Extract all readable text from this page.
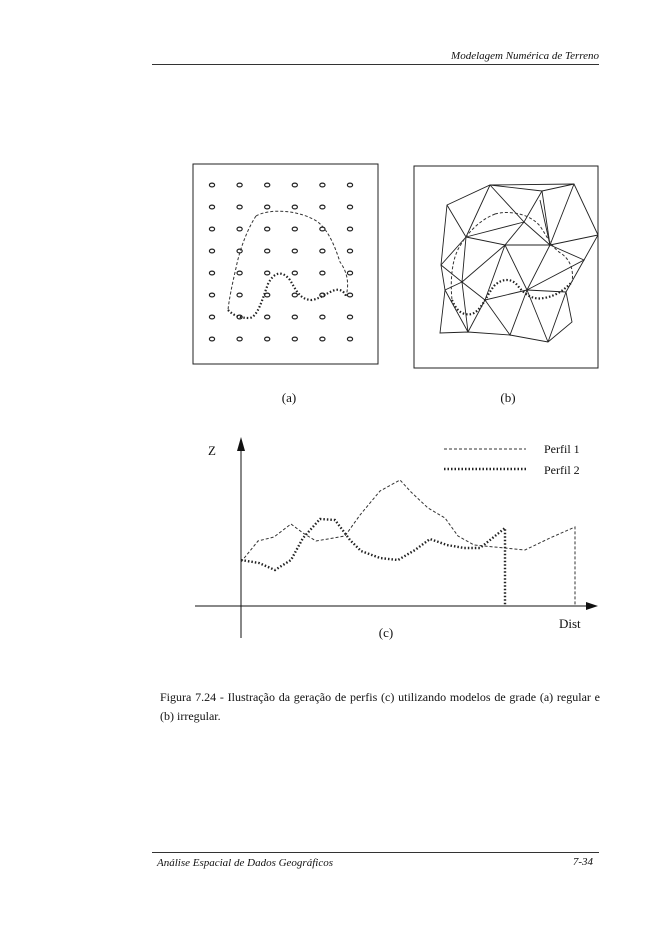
Modelagem Numérica de Terreno
(a)	(b)
Z
Dist
Perfil 1
Perfil 2
(c)
Figura 7.24 - Ilustração da geração de perfis (c) utilizando modelos de grade (a) regular e (b) irregular.
Análise Espacial de Dados Geográficos	7-34
